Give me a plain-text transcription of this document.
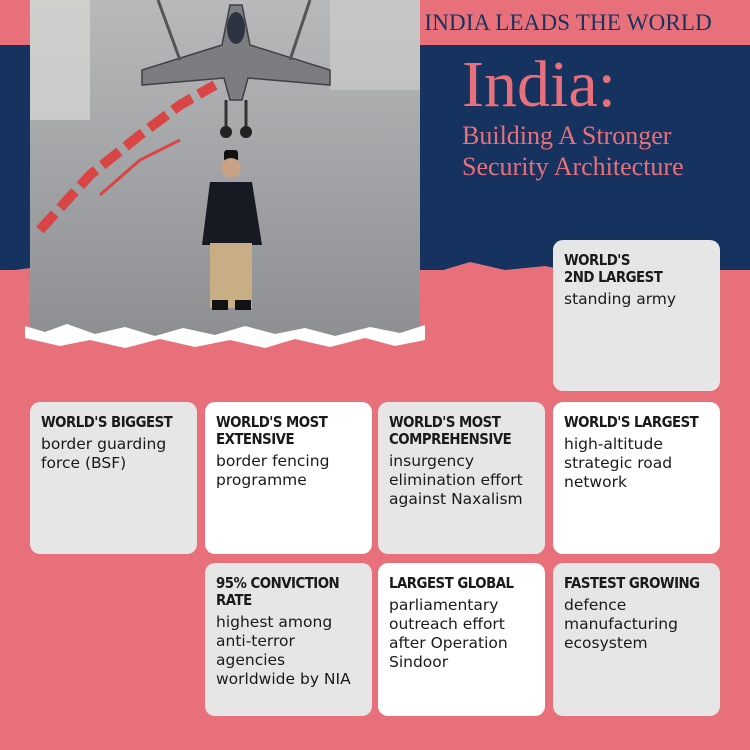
INDIA LEADS THE WORLD
India:
Building A Stronger
Security Architecture
WORLD'S
2ND LARGEST
standing army
WORLD'S BIGGEST
border guarding force (BSF)
WORLD'S MOST
EXTENSIVE
border fencing programme
WORLD'S MOST
COMPREHENSIVE
insurgency elimination effort against Naxalism
WORLD'S LARGEST
high-altitude strategic road network
95% CONVICTION
RATE
highest among anti-terror agencies worldwide by NIA
LARGEST GLOBAL
parliamentary outreach effort after Operation Sindoor
FASTEST GROWING
defence manufacturing ecosystem
